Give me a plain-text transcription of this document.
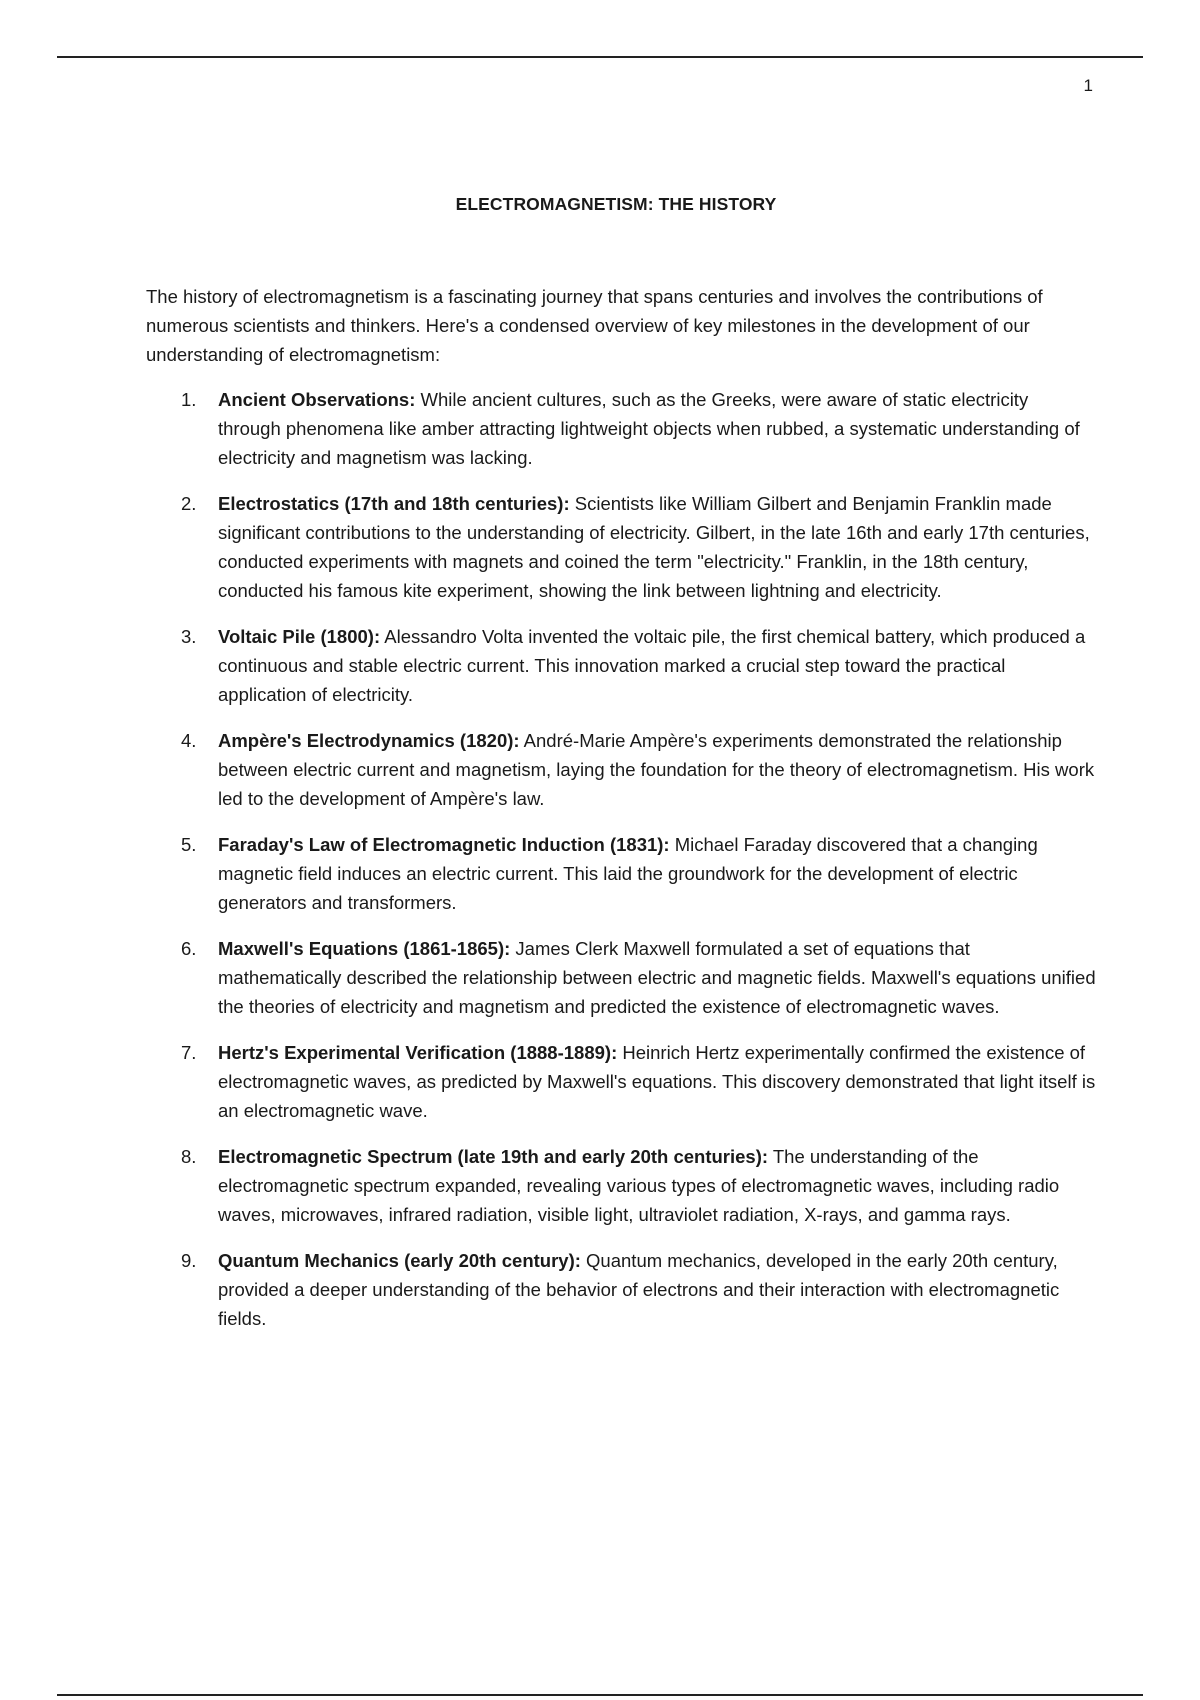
1
ELECTROMAGNETISM: THE HISTORY

The history of electromagnetism is a fascinating journey that spans centuries and involves the contributions of numerous scientists and thinkers. Here's a condensed overview of key milestones in the development of our understanding of electromagnetism:

1. Ancient Observations: While ancient cultures, such as the Greeks, were aware of static electricity through phenomena like amber attracting lightweight objects when rubbed, a systematic understanding of electricity and magnetism was lacking.
2. Electrostatics (17th and 18th centuries): Scientists like William Gilbert and Benjamin Franklin made significant contributions to the understanding of electricity. Gilbert, in the late 16th and early 17th centuries, conducted experiments with magnets and coined the term "electricity." Franklin, in the 18th century, conducted his famous kite experiment, showing the link between lightning and electricity.
3. Voltaic Pile (1800): Alessandro Volta invented the voltaic pile, the first chemical battery, which produced a continuous and stable electric current. This innovation marked a crucial step toward the practical application of electricity.
4. Ampère's Electrodynamics (1820): André-Marie Ampère's experiments demonstrated the relationship between electric current and magnetism, laying the foundation for the theory of electromagnetism. His work led to the development of Ampère's law.
5. Faraday's Law of Electromagnetic Induction (1831): Michael Faraday discovered that a changing magnetic field induces an electric current. This laid the groundwork for the development of electric generators and transformers.
6. Maxwell's Equations (1861-1865): James Clerk Maxwell formulated a set of equations that mathematically described the relationship between electric and magnetic fields. Maxwell's equations unified the theories of electricity and magnetism and predicted the existence of electromagnetic waves.
7. Hertz's Experimental Verification (1888-1889): Heinrich Hertz experimentally confirmed the existence of electromagnetic waves, as predicted by Maxwell's equations. This discovery demonstrated that light itself is an electromagnetic wave.
8. Electromagnetic Spectrum (late 19th and early 20th centuries): The understanding of the electromagnetic spectrum expanded, revealing various types of electromagnetic waves, including radio waves, microwaves, infrared radiation, visible light, ultraviolet radiation, X-rays, and gamma rays.
9. Quantum Mechanics (early 20th century): Quantum mechanics, developed in the early 20th century, provided a deeper understanding of the behavior of electrons and their interaction with electromagnetic fields.
